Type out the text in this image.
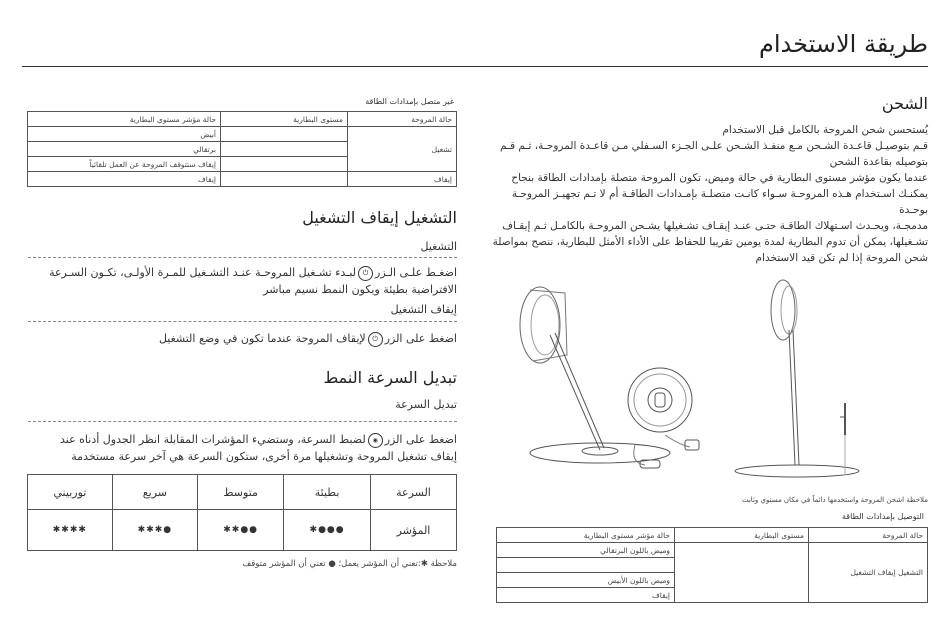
طريقة الاستخدام
الشحن
يُستحسن شحن المروحة بالكامل قبل الاستخدام
قـم بتوصيـل قاعـدة الشـحن مـع منفـذ الشـحن علـى الجـزء السـفلي مـن قاعـدة المروحـة، ثـم قـم
بتوصيله بقاعدة الشحن
عندما يكون مؤشر مستوى البطارية في حالة وميض، تكون المروحة متصلة بإمدادات الطاقة بنجاح
يمكنـك اسـتخدام هـذه المروحـة سـواء كانـت متصلـة بإمـدادات الطاقـة أم لا تـم تجهيـز المروحـة بوحـدة
مدمجـة، ويحـدث اسـتهلاك الطاقـة حتـى عنـد إيقـاف تشـغيلها يشـحن المروحـة بالكامـل ثـم إيقـاف
تشـغيلها، يمكن أن تدوم البطارية لمدة يومين تقريبا للحفاظ على الأداء الأمثل للبطارية، ننصح بمواصلة
شحن المروحة إذا لم تكن قيد الاستخدام
ملاحظة اشحن المروحة واستخدمها دائماً في مكان مستوي وثابت
التوصيل بإمدادات الطاقة
حالة المروحة	مستوى البطارية	حالة مؤشر مستوى البطارية
التشغيل إيقاف التشغيل		وميض باللون البرتقالي

		وميض باللون الأبيض
		إيقاف
غير متصل بإمدادات الطاقة
حالة المروحة	مستوى البطارية	حالة مؤشر مستوى البطارية
تشغيل		أبيض
		برتقالي
		إيقاف ستتوقف المروحة عن العمل تلقائياً
إيقاف		إيقاف
التشغيل إيقاف التشغيل
التشغيل
اضغـط علـى الـزر⏻لبـدء تشـغيل المروحـة عنـد التشـغيل للمـرة الأولـى، تكـون السـرعة
الافتراضية بطيئة ويكون النمط نسيم مباشر
إيقاف التشغيل
اضغط على الزر⏻لإيقاف المروحة عندما تكون في وضع التشغيل
تبديل السرعة النمط
تبديل السرعة
اضغط على الزر◉لضبط السرعة، وستضيء المؤشرات المقابلة انظر الجدول أدناه عند
إيقاف تشغيل المروحة وتشغيلها مرة أخرى، ستكون السرعة هي آخر سرعة مستخدمة
السرعة	بطيئة	متوسط	سريع	توربيني
المؤشر	●●●✱	●●✱✱	●✱✱✱	✱✱✱✱
ملاحظة ✱:تعني أن المؤشر يعمل؛ ● تعني أن المؤشر متوقف
